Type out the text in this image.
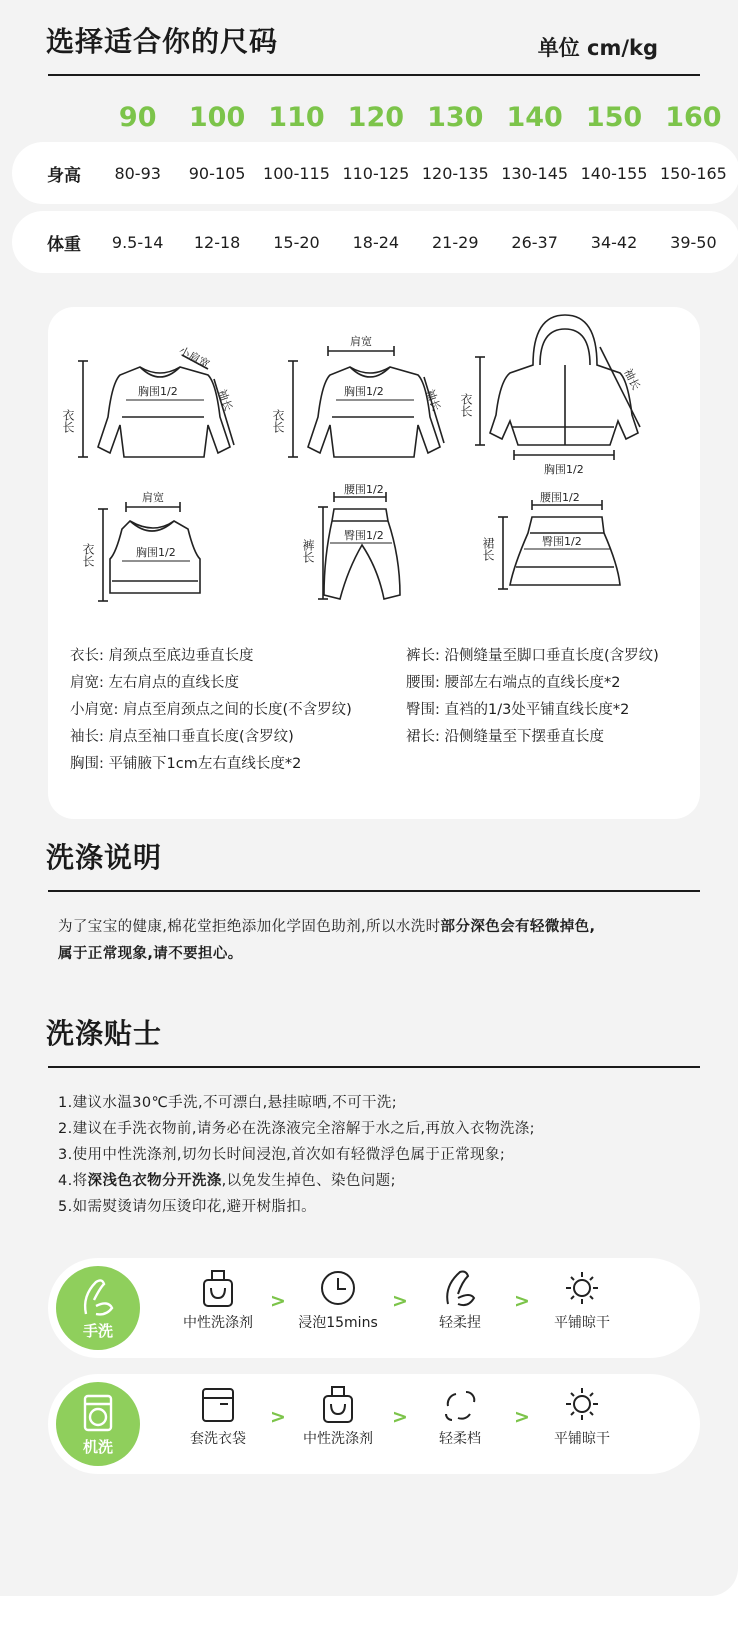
选择适合你的尺码	单位 cm/kg
90	100 110 120 130 140 150 160
身高	80-93	90-105	100-115 110-125 120-135 130-145 140-155 150-165
体重	9.5-14	12-18	15-20	18-24	21-29	26-37	34-42	39-50
衣长
小肩宽
袖长
胸围1/2
衣长
肩宽
袖长
胸围1/2
衣长
袖长
胸围1/2
衣长
肩宽
胸围1/2	裤长
腰围1/2
臀围1/2
裙长
腰围1/2
臀围1/2
衣长: 肩颈点至底边垂直长度
肩宽: 左右肩点的直线长度
小肩宽: 肩点至肩颈点之间的长度(不含罗纹)
袖长: 肩点至袖口垂直长度(含罗纹)
胸围: 平铺腋下1cm左右直线长度*2
裤长: 沿侧缝量至脚口垂直长度(含罗纹)
腰围: 腰部左右端点的直线长度*2
臀围: 直裆的1/3处平铺直线长度*2
裙长: 沿侧缝量至下摆垂直长度
洗涤说明
为了宝宝的健康,棉花堂拒绝添加化学固色助剂,所以水洗时部分深色会有轻微掉色,
属于正常现象,请不要担心。
洗涤贴士
1.建议水温30℃手洗,不可漂白,悬挂晾晒,不可干洗;
2.建议在手洗衣物前,请务必在洗涤液完全溶解于水之后,再放入衣物洗涤;
3.使用中性洗涤剂,切勿长时间浸泡,首次如有轻微浮色属于正常现象;
4.将深浅色衣物分开洗涤,以免发生掉色、染色问题;
5.如需熨烫请勿压烫印花,避开树脂扣。
手洗	中性洗涤剂
>
浸泡15mins
>
轻柔捏
>
平铺晾干
机洗	套洗衣袋
>
中性洗涤剂
>
轻柔档
>
平铺晾干
